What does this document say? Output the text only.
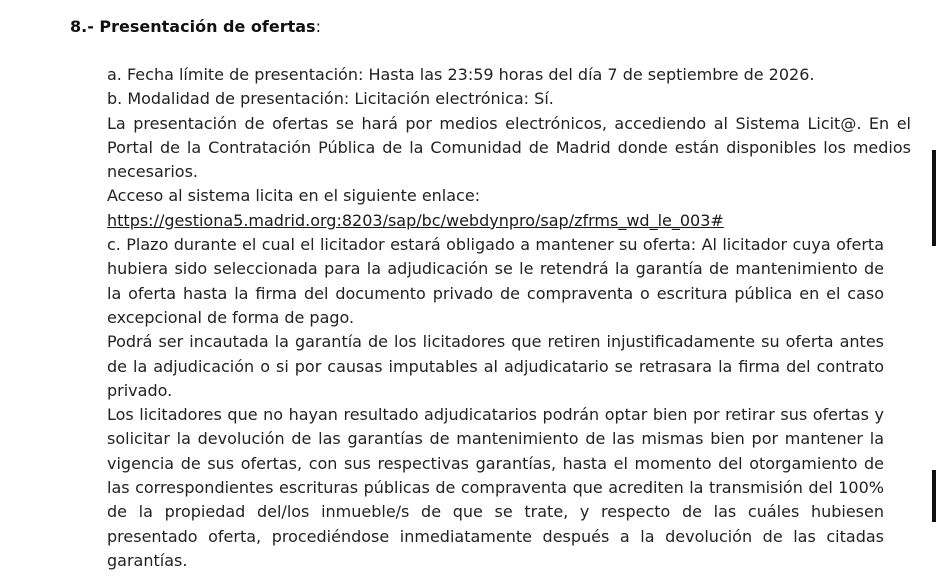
8.- Presentación de ofertas:

a. Fecha límite de presentación: Hasta las 23:59 horas del día 7 de septiembre de 2026.

b. Modalidad de presentación: Licitación electrónica: Sí.

La presentación de ofertas se hará por medios electrónicos, accediendo al Sistema Licit@. En el Portal de la Contratación Pública de la Comunidad de Madrid donde están disponibles los medios necesarios.

Acceso al sistema licita en el siguiente enlace:

https://gestiona5.madrid.org:8203/sap/bc/webdynpro/sap/zfrms_wd_le_003#

c. Plazo durante el cual el licitador estará obligado a mantener su oferta: Al licitador cuya oferta hubiera sido seleccionada para la adjudicación se le retendrá la garantía de mantenimiento de la oferta hasta la firma del documento privado de compraventa o escritura pública en el caso excepcional de forma de pago.

Podrá ser incautada la garantía de los licitadores que retiren injustificadamente su oferta antes de la adjudicación o si por causas imputables al adjudicatario se retrasara la firma del contrato privado.

Los licitadores que no hayan resultado adjudicatarios podrán optar bien por retirar sus ofertas y solicitar la devolución de las garantías de mantenimiento de las mismas bien por mantener la vigencia de sus ofertas, con sus respectivas garantías, hasta el momento del otorgamiento de las correspondientes escrituras públicas de compraventa que acrediten la transmisión del 100% de la propiedad del/los inmueble/s de que se trate, y respecto de las cuáles hubiesen presentado oferta, procediéndose inmediatamente después a la devolución de las citadas garantías.
